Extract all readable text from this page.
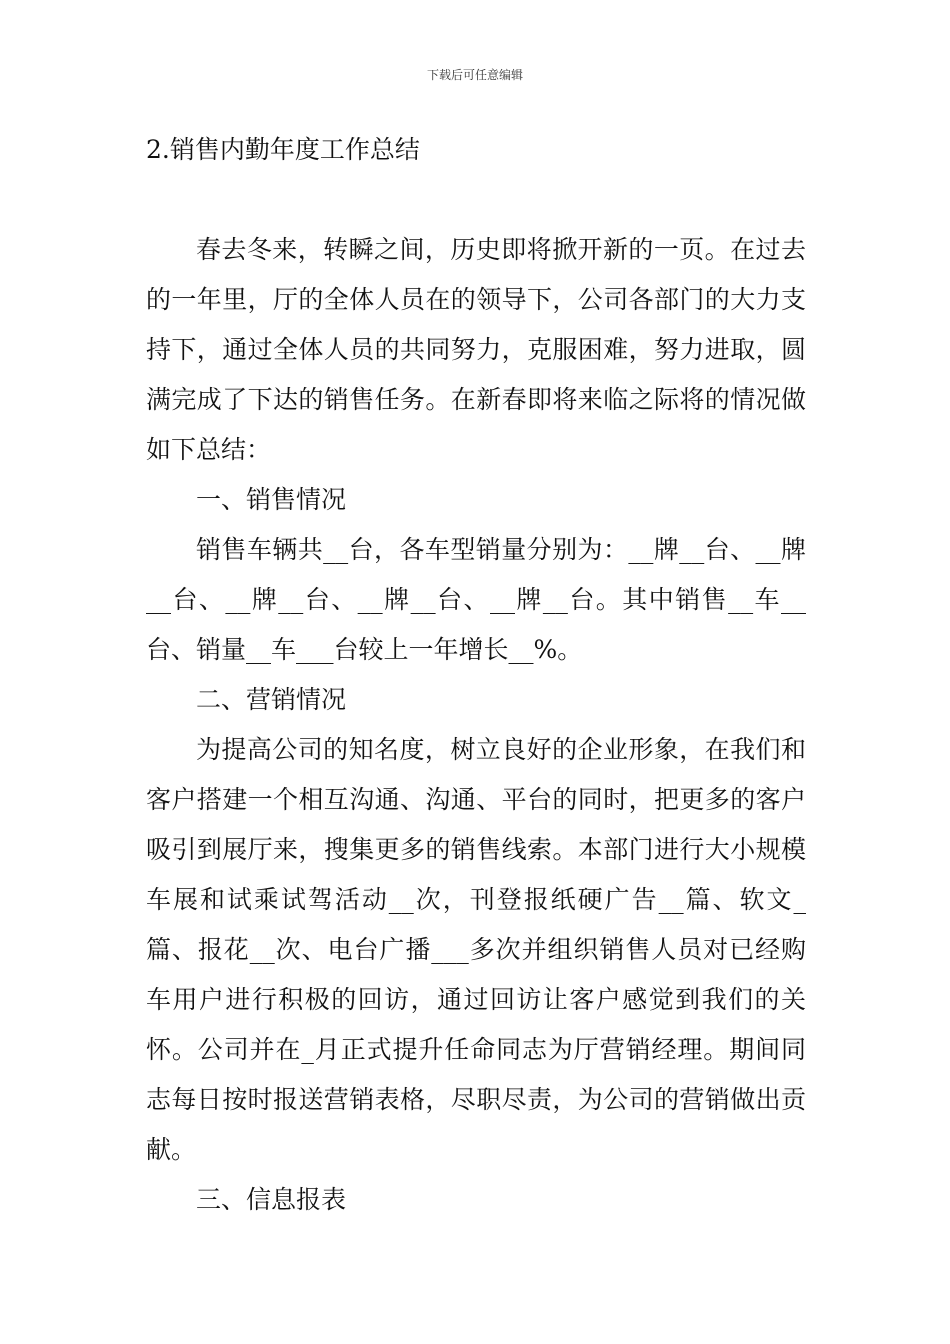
下载后可任意编辑
2.销售内勤年度工作总结

春去冬来，转瞬之间，历史即将掀开新的一页。在过去的一年里，厅的全体人员在的领导下，公司各部门的大力支持下，通过全体人员的共同努力，克服困难，努力进取，圆满完成了下达的销售任务。在新春即将来临之际将的情况做如下总结：

一、销售情况

销售车辆共__台，各车型销量分别为：__牌__台、__牌__台、__牌__台、__牌__台、__牌__台。其中销售__车__台、销量__车___台较上一年增长__%。

二、营销情况

为提高公司的知名度，树立良好的企业形象，在我们和客户搭建一个相互沟通、沟通、平台的同时，把更多的客户吸引到展厅来，搜集更多的销售线索。本部门进行大小规模车展和试乘试驾活动__次，刊登报纸硬广告__篇、软文_篇、报花__次、电台广播___多次并组织销售人员对已经购车用户进行积极的回访，通过回访让客户感觉到我们的关怀。公司并在_月正式提升任命同志为厅营销经理。期间同志每日按时报送营销表格，尽职尽责，为公司的营销做出贡献。

三、信息报表
